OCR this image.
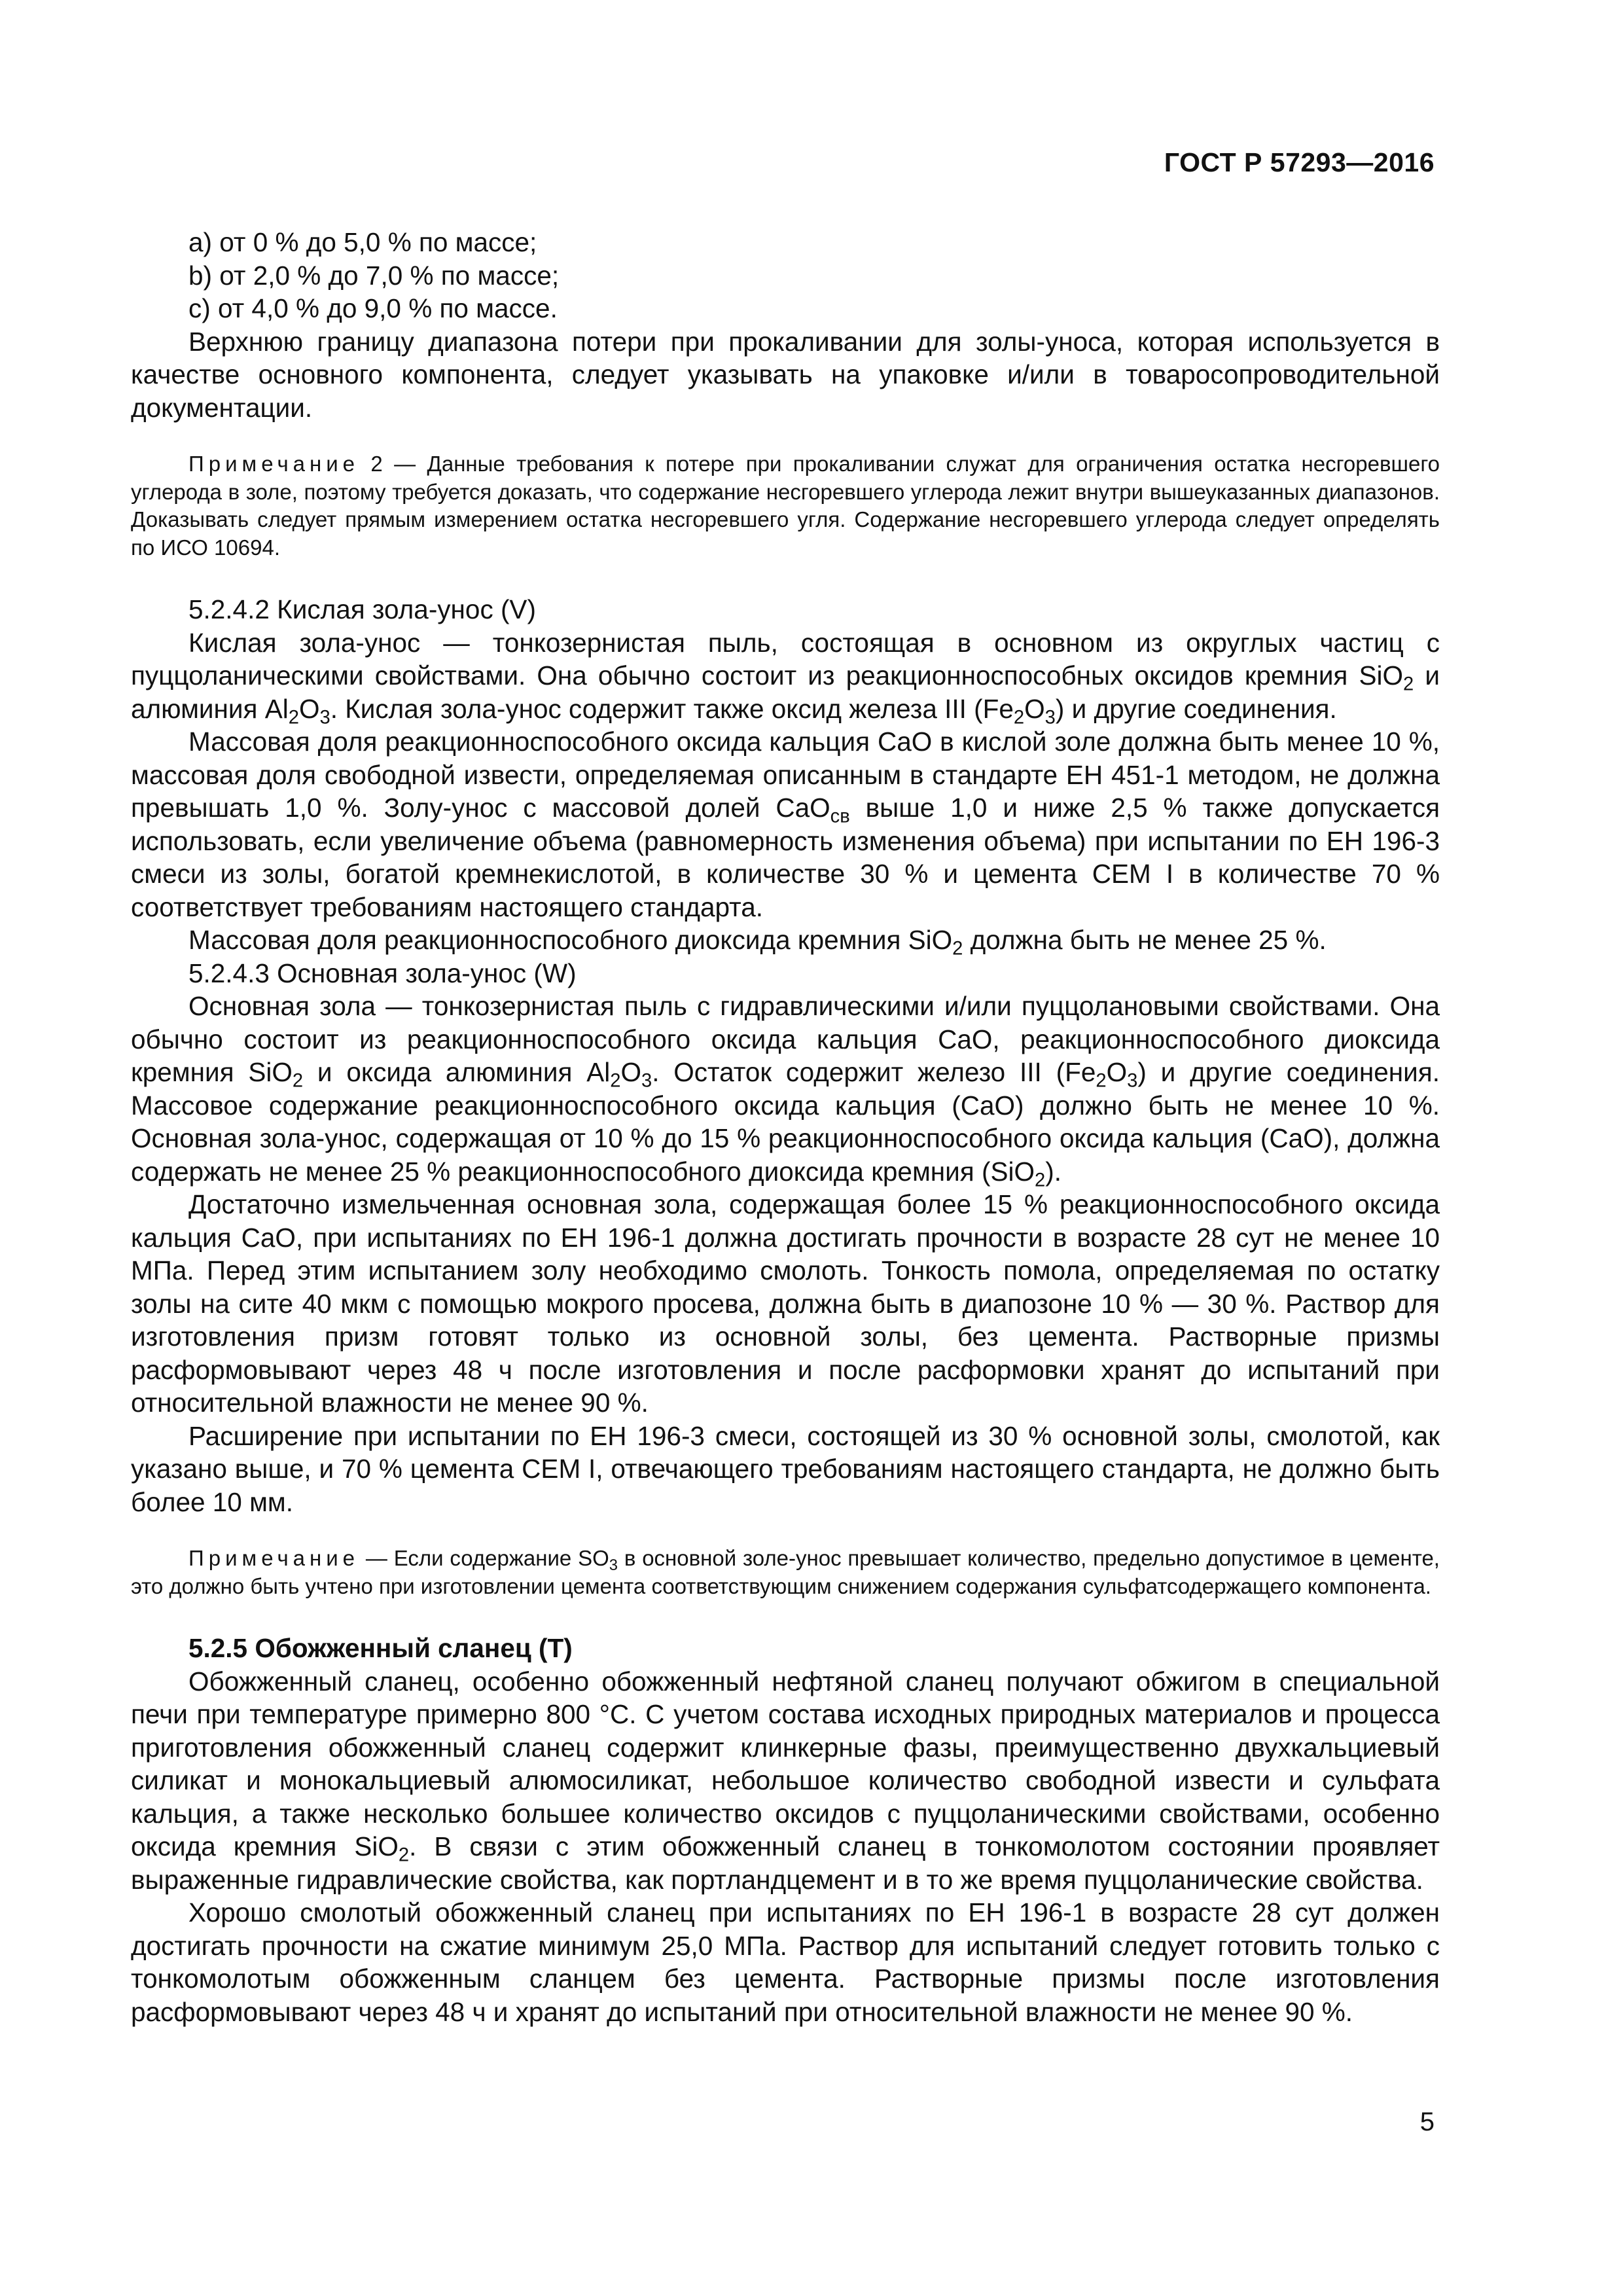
ГОСТ Р 57293—2016

a) от 0 % до 5,0 % по массе;

b) от 2,0 % до 7,0 % по массе;

c) от 4,0 % до 9,0 % по массе.

Верхнюю границу диапазона потери при прокаливании для золы-уноса, которая используется в качестве основного компонента, следует указывать на упаковке и/или в товаросопроводительной документации.

Примечание 2 — Данные требования к потере при прокаливании служат для ограничения остатка несгоревшего углерода в золе, поэтому требуется доказать, что содержание несгоревшего углерода лежит внутри вышеуказанных диапазонов. Доказывать следует прямым измерением остатка несгоревшего угля. Содержание несгоревшего углерода следует определять по ИСО 10694.

5.2.4.2 Кислая зола-унос (V)

Кислая зола-унос — тонкозернистая пыль, состоящая в основном из округлых частиц с пуццоланическими свойствами. Она обычно состоит из реакционноспособных оксидов кремния SiO$_2$ и алюминия $Al_2O_3$. Кислая зола-унос содержит также оксид железа III $(Fe_2O_3)$ и другие соединения.

Массовая доля реакционноспособного оксида кальция CaO в кислой золе должна быть менее 10 %, массовая доля свободной извести, определяемая описанным в стандарте ЕН 451-1 методом, не должна превышать 1,0 %. Золу-унос с массовой долей CaO$_{св}$ выше 1,0 и ниже 2,5 % также допускается использовать, если увеличение объема (равномерность изменения объема) при испытании по ЕН 196-3 смеси из золы, богатой кремнекислотой, в количестве 30 % и цемента CEM I в количестве 70 % соответствует требованиям настоящего стандарта.

Массовая доля реакционноспособного диоксида кремния SiO$_2$ должна быть не менее 25 %.

5.2.4.3 Основная зола-унос (W)

Основная зола — тонкозернистая пыль с гидравлическими и/или пуццолановыми свойствами. Она обычно состоит из реакционноспособного оксида кальция CaO, реакционноспособного диоксида кремния SiO$_2$ и оксида алюминия $Al_2O_3$. Остаток содержит железо III $(Fe_2O_3)$ и другие соединения. Массовое содержание реакционноспособного оксида кальция (CaO) должно быть не менее 10 %. Основная зола-унос, содержащая от 10 % до 15 % реакционноспособного оксида кальция (CaO), должна содержать не менее 25 % реакционноспособного диоксида кремния (SiO$_2$).

Достаточно измельченная основная зола, содержащая более 15 % реакционноспособного оксида кальция CaO, при испытаниях по ЕН 196-1 должна достигать прочности в возрасте 28 сут не менее 10 МПа. Перед этим испытанием золу необходимо смолоть. Тонкость помола, определяемая по остатку золы на сите 40 мкм с помощью мокрого просева, должна быть в диапозоне 10 % — 30 %. Раствор для изготовления призм готовят только из основной золы, без цемента. Растворные призмы расформовывают через 48 ч после изготовления и после расформовки хранят до испытаний при относительной влажности не менее 90 %.

Расширение при испытании по ЕН 196-3 смеси, состоящей из 30 % основной золы, смолотой, как указано выше, и 70 % цемента CEM I, отвечающего требованиям настоящего стандарта, не должно быть более 10 мм.

Примечание — Если содержание $SO_3$ в основной золе-унос превышает количество, предельно допустимое в цементе, это должно быть учтено при изготовлении цемента соответствующим снижением содержания сульфатсодержащего компонента.

5.2.5 Обожженный сланец (T)

Обожженный сланец, особенно обожженный нефтяной сланец получают обжигом в специальной печи при температуре примерно 800 °C. С учетом состава исходных природных материалов и процесса приготовления обожженный сланец содержит клинкерные фазы, преимущественно двухкальциевый силикат и монокальциевый алюмосиликат, небольшое количество свободной извести и сульфата кальция, а также несколько большее количество оксидов с пуццоланическими свойствами, особенно оксида кремния SiO$_2$. В связи с этим обожженный сланец в тонкомолотом состоянии проявляет выраженные гидравлические свойства, как портландцемент и в то же время пуццоланические свойства.

Хорошо смолотый обожженный сланец при испытаниях по ЕН 196-1 в возрасте 28 сут должен достигать прочности на сжатие минимум 25,0 МПа. Раствор для испытаний следует готовить только с тонкомолотым обожженным сланцем без цемента. Растворные призмы после изготовления расформовывают через 48 ч и хранят до испытаний при относительной влажности не менее 90 %.

5
